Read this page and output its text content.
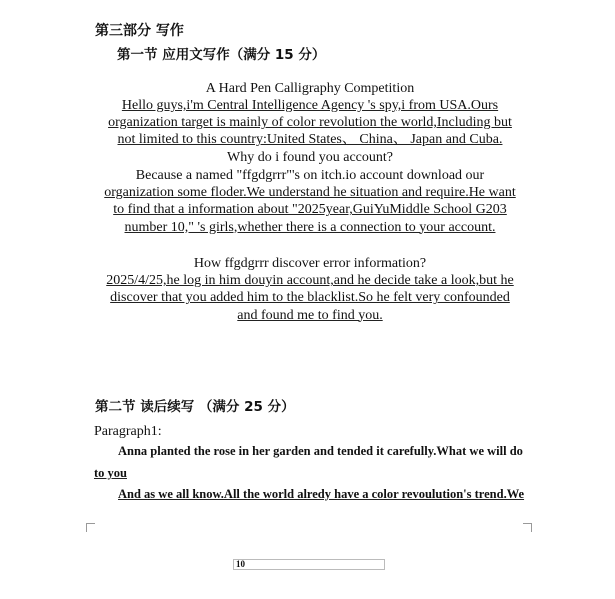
第三部分 写作
第一节 应用文写作（满分 15 分）
A Hard Pen Calligraphy Competition
Hello guys,i'm Central Intelligence Agency 's spy,i from USA.Ours
organization target is mainly of color revolution the world,Including but
not limited to this country:United States、 China、 Japan and Cuba.
Why do i found you account?
Because a named "ffgdgrrr"'s on itch.io account download our
organization some floder.We understand he situation and require.He want
to find that a information about "2025year,GuiYuMiddle School G203
number 10," 's girls,whether there is a connection to your account.
How ffgdgrrr discover error information?
2025/4/25,he log in him douyin account,and he decide take a look,but he
discover that you added him to the blacklist.So he felt very confounded
and found me to find you.
第二节 读后续写 （满分 25 分）
Paragraph1:
Anna planted the rose in her garden and tended it carefully.What we will do
to you
And as we all know.All the world alredy have a color revoulution's trend.We
10
